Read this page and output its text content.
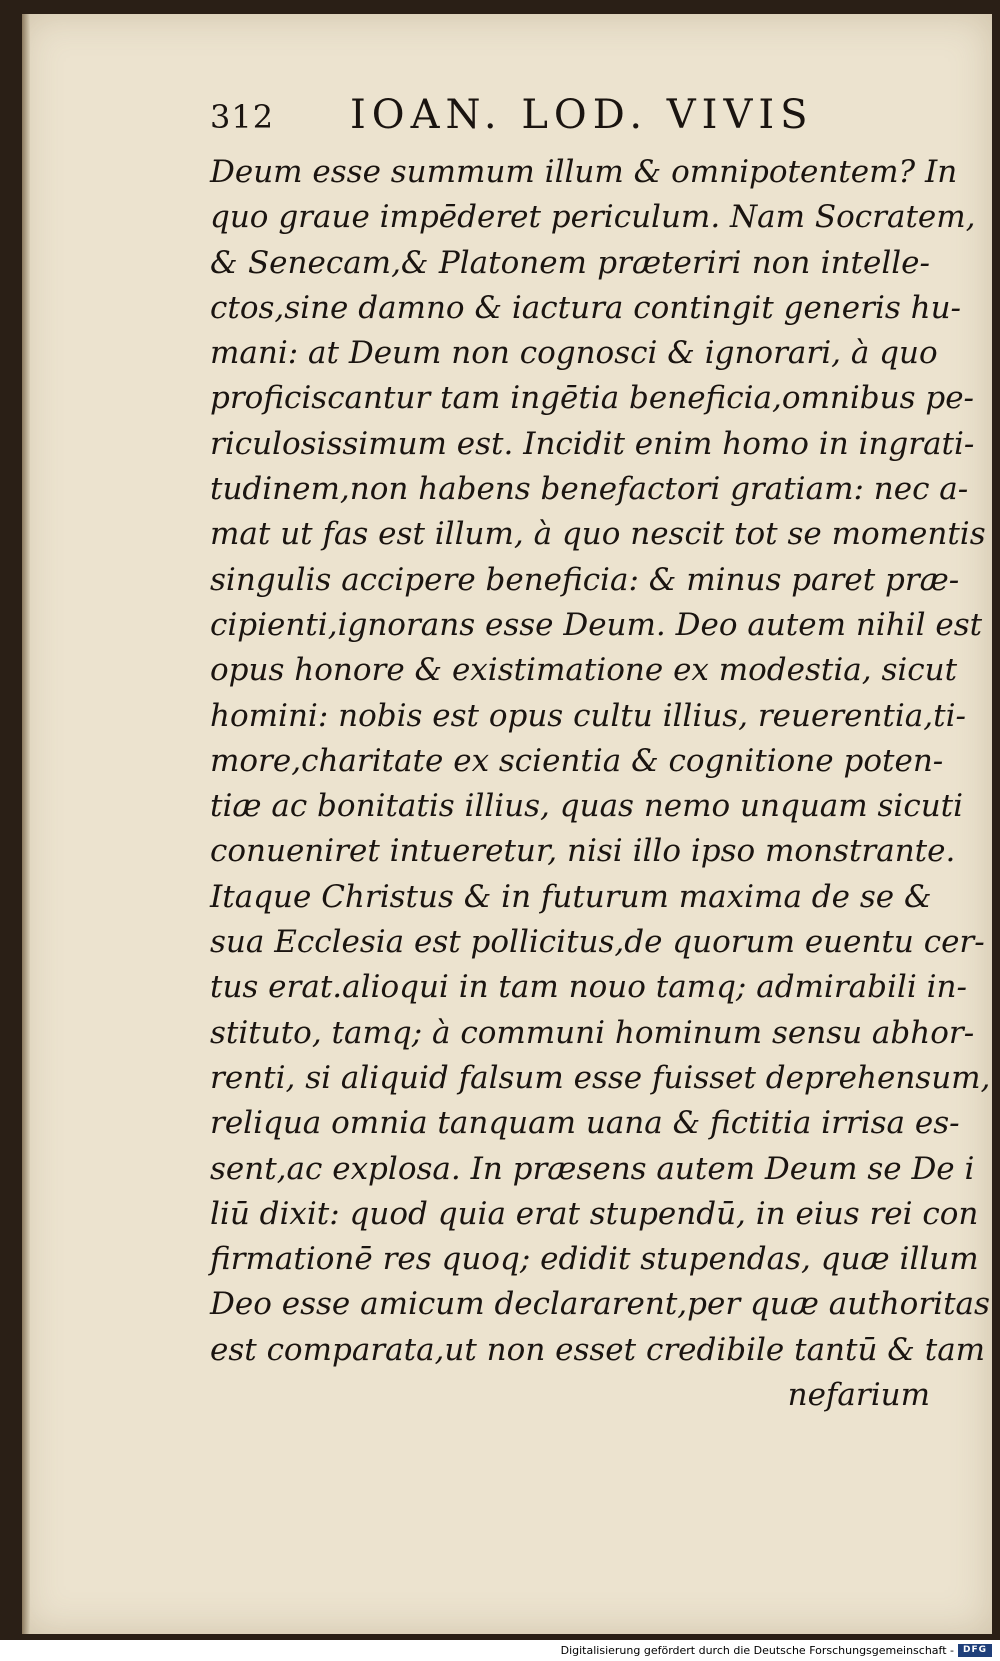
312 IOAN. LOD. VIVIS
Deum esse summum illum & omnipotentem? In
quo graue impēderet periculum. Nam Socratem,
& Senecam,& Platonem præteriri non intelle-
ctos,sine damno & iactura contingit generis hu-
mani: at Deum non cognosci & ignorari, à quo
proficiscantur tam ingētia beneficia,omnibus pe-
riculosissimum est. Incidit enim homo in ingrati-
tudinem,non habens benefactori gratiam: nec a-
mat ut fas est illum, à quo nescit tot se momentis
singulis accipere beneficia: & minus paret præ-
cipienti,ignorans esse Deum. Deo autem nihil est
opus honore & existimatione ex modestia, sicut
homini: nobis est opus cultu illius, reuerentia,ti-
more,charitate ex scientia & cognitione poten-
tiæ ac bonitatis illius, quas nemo unquam sicuti
conueniret intueretur, nisi illo ipso monstrante.
Itaque Christus & in futurum maxima de se &
sua Ecclesia est pollicitus,de quorum euentu cer-
tus erat.alioqui in tam nouo tamq; admirabili in-
stituto, tamq; à communi hominum sensu abhor-
renti, si aliquid falsum esse fuisset deprehensum,
reliqua omnia tanquam uana & fictitia irrisa es-
sent,ac explosa. In præsens autem Deum se De i
liū dixit: quod quia erat stupendū, in eius rei con
firmationē res quoq; edidit stupendas, quæ illum
Deo esse amicum declararent,per quæ authoritas
est comparata,ut non esset credibile tantū & tam
nefarium
Digitalisierung gefördert durch die Deutsche Forschungsgemeinschaft - DFG
